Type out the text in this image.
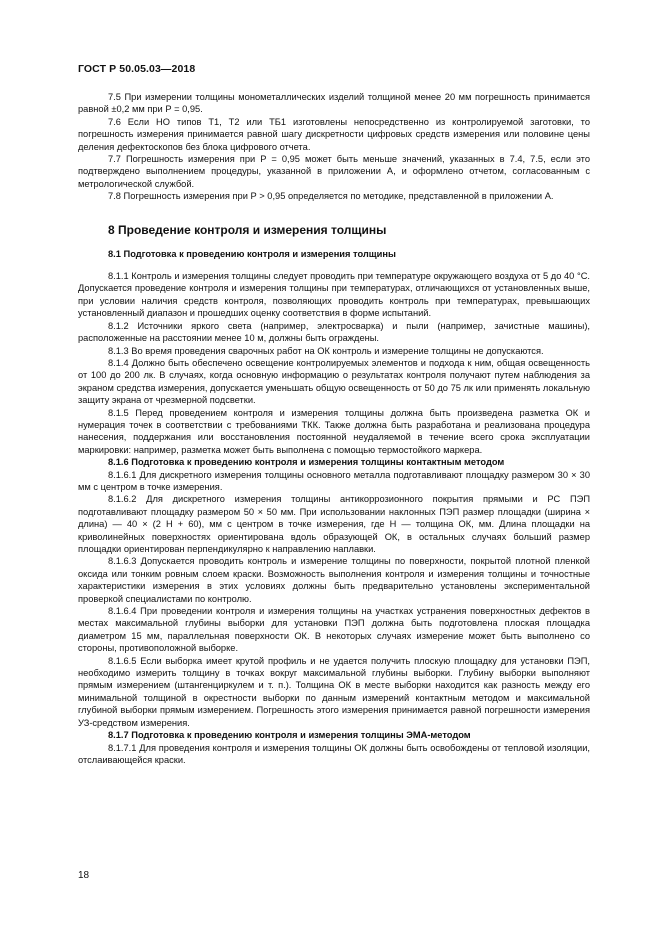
ГОСТ Р 50.05.03—2018

7.5 При измерении толщины монометаллических изделий толщиной менее 20 мм погрешность принимается равной ±0,2 мм при Р = 0,95.

7.6 Если НО типов Т1, Т2 или ТБ1 изготовлены непосредственно из контролируемой заготовки, то погрешность измерения принимается равной шагу дискретности цифровых средств измерения или половине цены деления дефектоскопов без блока цифрового отчета.

7.7 Погрешность измерения при Р = 0,95 может быть меньше значений, указанных в 7.4, 7.5, если это подтверждено выполнением процедуры, указанной в приложении А, и оформлено отчетом, согласованным с метрологической службой.

7.8 Погрешность измерения при Р > 0,95 определяется по методике, представленной в приложении А.

8 Проведение контроля и измерения толщины

8.1 Подготовка к проведению контроля и измерения толщины

8.1.1 Контроль и измерения толщины следует проводить при температуре окружающего воздуха от 5 до 40 °С. Допускается проведение контроля и измерения толщины при температурах, отличающихся от установленных выше, при условии наличия средств контроля, позволяющих проводить контроль при температурах, превышающих установленный диапазон и прошедших оценку соответствия в форме испытаний.

8.1.2 Источники яркого света (например, электросварка) и пыли (например, зачистные машины), расположенные на расстоянии менее 10 м, должны быть ограждены.

8.1.3 Во время проведения сварочных работ на ОК контроль и измерение толщины не допускаются.

8.1.4 Должно быть обеспечено освещение контролируемых элементов и подхода к ним, общая освещенность от 100 до 200 лк. В случаях, когда основную информацию о результатах контроля получают путем наблюдения за экраном средства измерения, допускается уменьшать общую освещенность от 50 до 75 лк или применять локальную защиту экрана от чрезмерной подсветки.

8.1.5 Перед проведением контроля и измерения толщины должна быть произведена разметка ОК и нумерация точек в соответствии с требованиями ТКК. Также должна быть разработана и реализована процедура нанесения, поддержания или восстановления постоянной неудаляемой в течение всего срока эксплуатации маркировки: например, разметка может быть выполнена с помощью термостойкого маркера.

8.1.6 Подготовка к проведению контроля и измерения толщины контактным методом

8.1.6.1 Для дискретного измерения толщины основного металла подготавливают площадку размером 30 × 30 мм с центром в точке измерения.

8.1.6.2 Для дискретного измерения толщины антикоррозионного покрытия прямыми и РС ПЭП подготавливают площадку размером 50 × 50 мм. При использовании наклонных ПЭП размер площадки (ширина × длина) — 40 × (2 Н + 60), мм с центром в точке измерения, где Н — толщина ОК, мм. Длина площадки на криволинейных поверхностях ориентирована вдоль образующей ОК, в остальных случаях больший размер площадки ориентирован перпендикулярно к направлению наплавки.

8.1.6.3 Допускается проводить контроль и измерение толщины по поверхности, покрытой плотной пленкой оксида или тонким ровным слоем краски. Возможность выполнения контроля и измерения толщины и точностные характеристики измерения в этих условиях должны быть предварительно установлены экспериментальной проверкой специалистами по контролю.

8.1.6.4 При проведении контроля и измерения толщины на участках устранения поверхностных дефектов в местах максимальной глубины выборки для установки ПЭП должна быть подготовлена плоская площадка диаметром 15 мм, параллельная поверхности ОК. В некоторых случаях измерение может быть выполнено со стороны, противоположной выборке.

8.1.6.5 Если выборка имеет крутой профиль и не удается получить плоскую площадку для установки ПЭП, необходимо измерить толщину в точках вокруг максимальной глубины выборки. Глубину выборки выполняют прямым измерением (штангенциркулем и т. п.). Толщина ОК в месте выборки находится как разность между его минимальной толщиной в окрестности выборки по данным измерений контактным методом и максимальной глубиной выборки прямым измерением. Погрешность этого измерения принимается равной погрешности измерения УЗ-средством измерения.

8.1.7 Подготовка к проведению контроля и измерения толщины ЭМА-методом

8.1.7.1 Для проведения контроля и измерения толщины ОК должны быть освобождены от тепловой изоляции, отслаивающейся краски.

18
